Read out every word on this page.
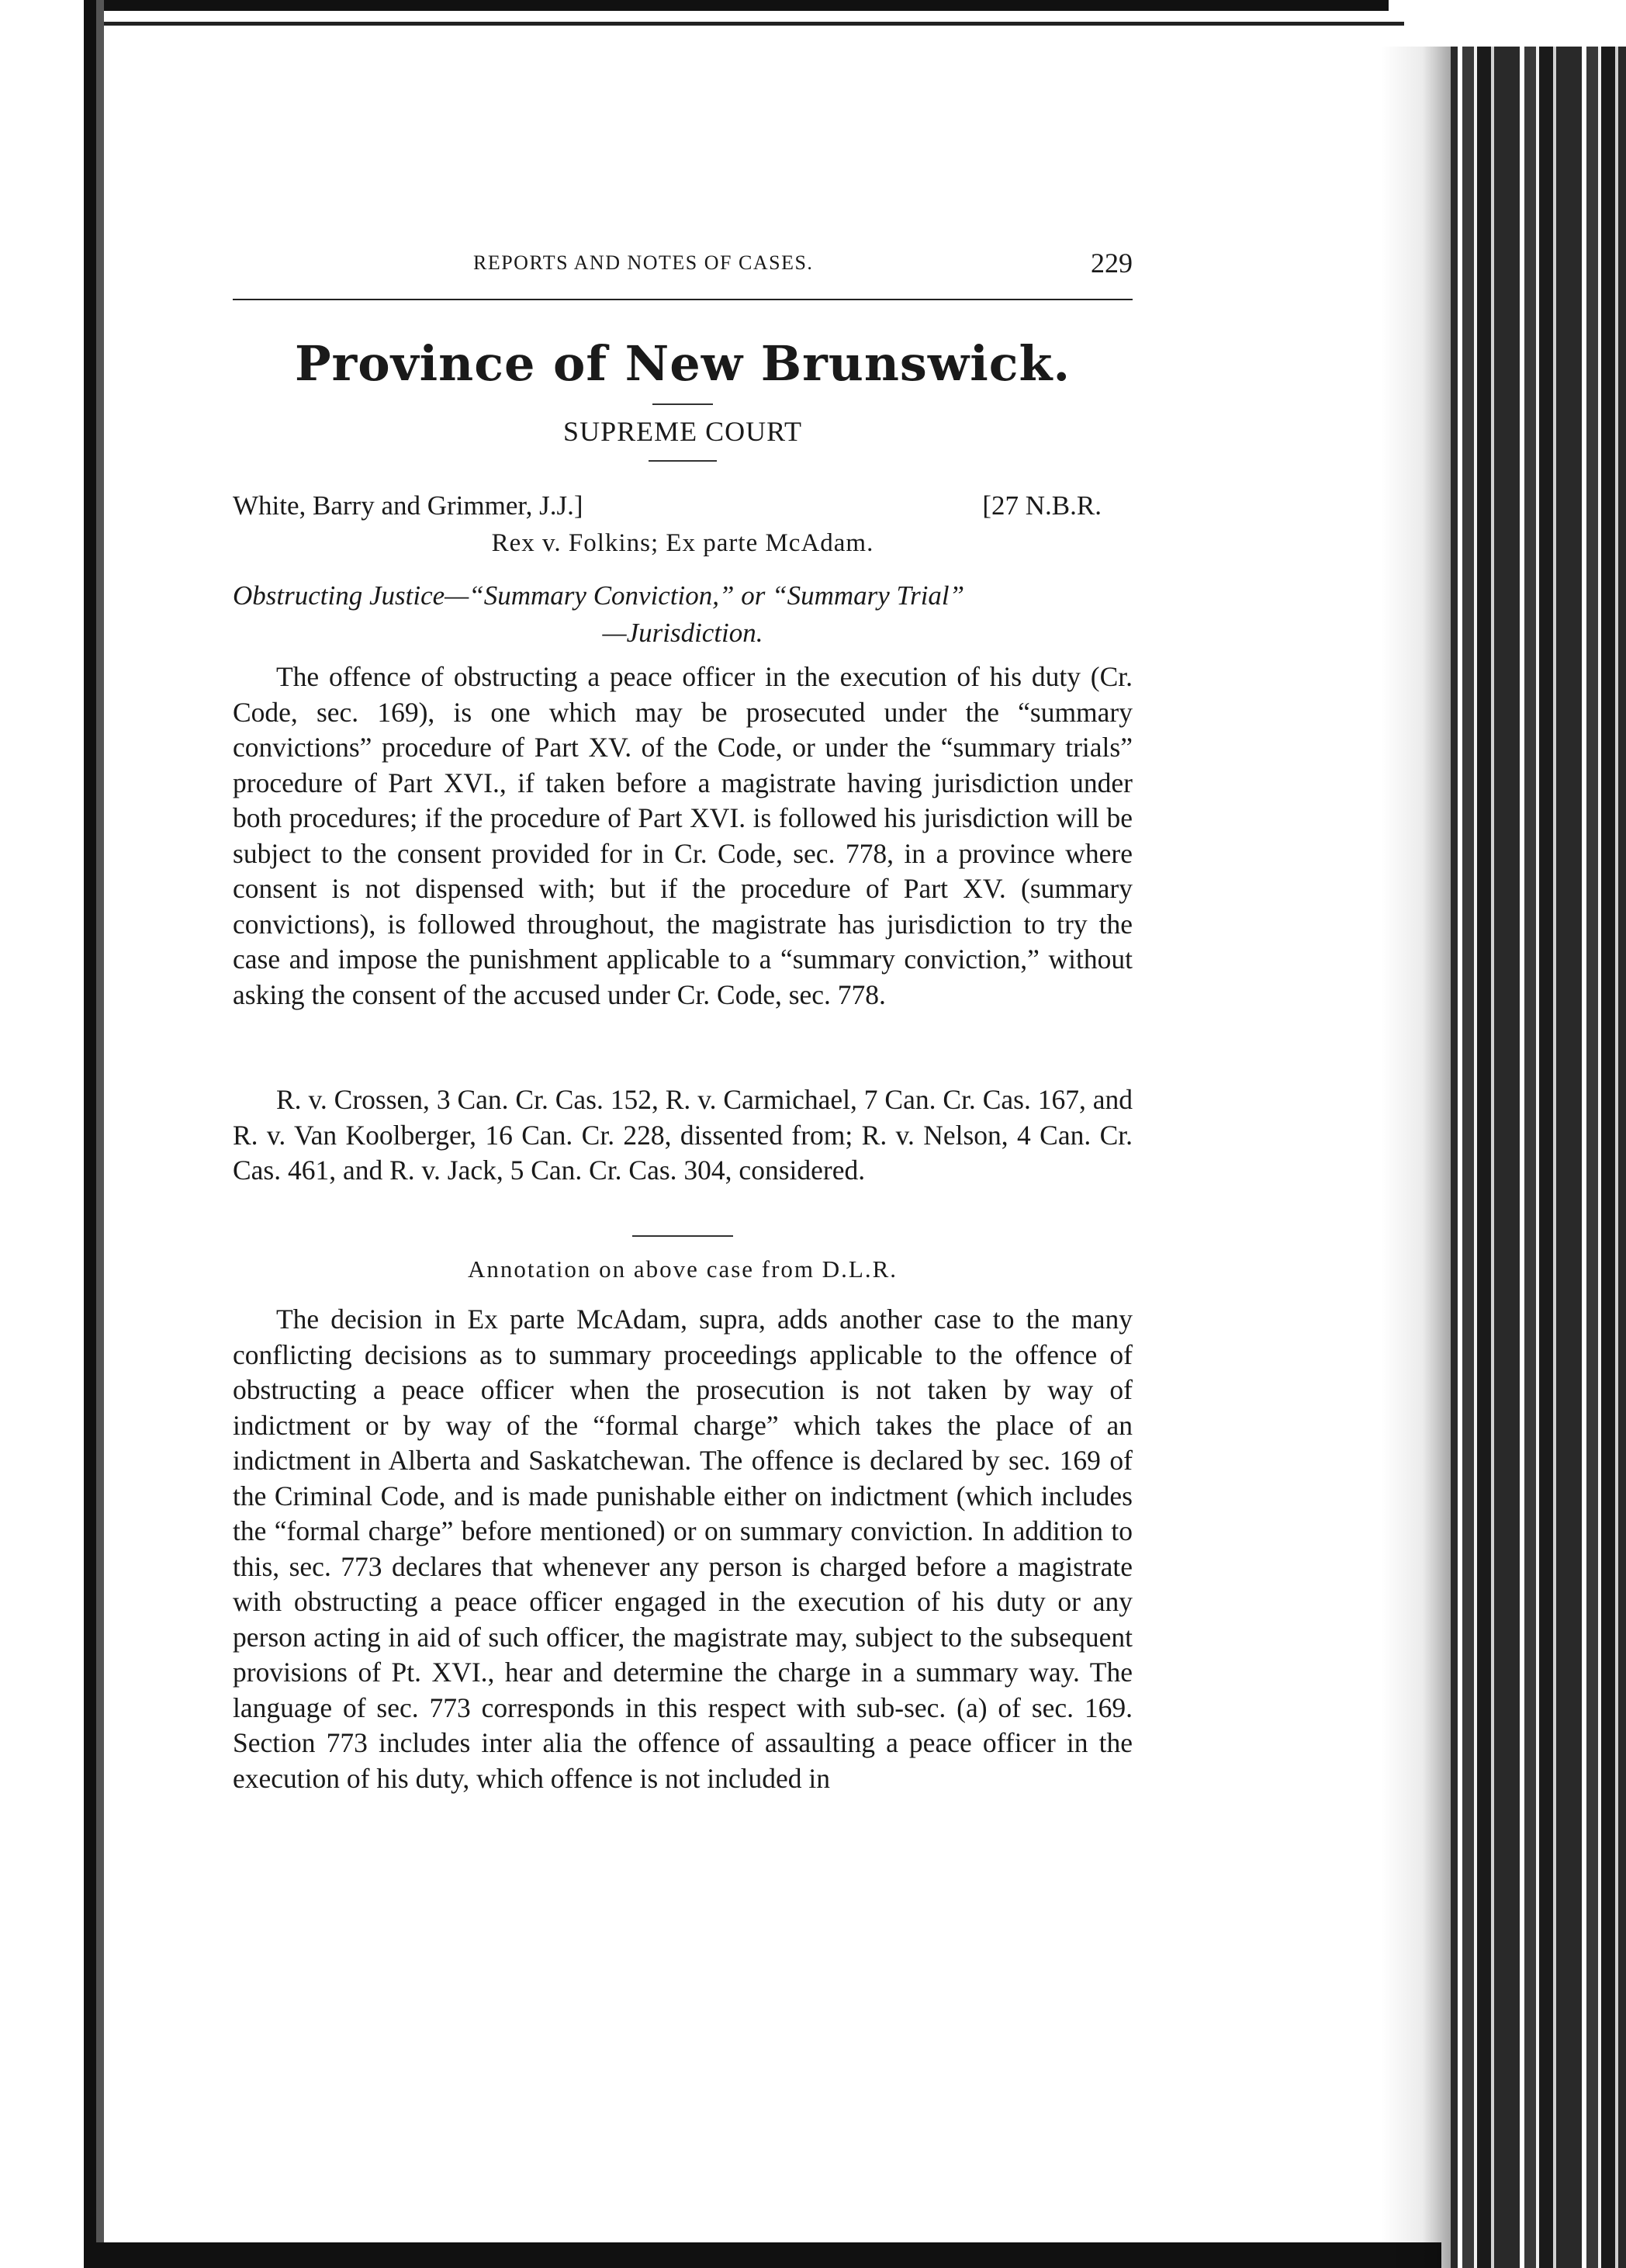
REPORTS AND NOTES OF CASES.	229
Province of New Brunswick.
SUPREME COURT
White, Barry and Grimmer, J.J.]	[27 N.B.R.
Rex v. Folkins; Ex parte McAdam.
Obstructing Justice—“Summary Conviction,” or “Summary Trial”
—Jurisdiction.

The offence of obstructing a peace officer in the execution of his duty (Cr. Code, sec. 169), is one which may be prosecuted under the “summary convictions” procedure of Part XV. of the Code, or under the “summary trials” procedure of Part XVI., if taken before a magistrate having jurisdiction under both procedures; if the procedure of Part XVI. is followed his jurisdiction will be subject to the consent provided for in Cr. Code, sec. 778, in a province where consent is not dispensed with; but if the procedure of Part XV. (summary convictions), is followed throughout, the magistrate has jurisdiction to try the case and impose the punishment applicable to a “summary conviction,” without asking the consent of the accused under Cr. Code, sec. 778.

R. v. Crossen, 3 Can. Cr. Cas. 152, R. v. Carmichael, 7 Can. Cr. Cas. 167, and R. v. Van Koolberger, 16 Can. Cr. 228, dissented from; R. v. Nelson, 4 Can. Cr. Cas. 461, and R. v. Jack, 5 Can. Cr. Cas. 304, considered.

Annotation on above case from D.L.R.

The decision in Ex parte McAdam, supra, adds another case to the many conflicting decisions as to summary proceedings applicable to the offence of obstructing a peace officer when the prosecution is not taken by way of indictment or by way of the “formal charge” which takes the place of an indictment in Alberta and Saskatchewan. The offence is declared by sec. 169 of the Criminal Code, and is made punishable either on indictment (which includes the “formal charge” before mentioned) or on summary conviction. In addition to this, sec. 773 declares that whenever any person is charged before a magistrate with obstructing a peace officer engaged in the execution of his duty or any person acting in aid of such officer, the magistrate may, subject to the subsequent provisions of Pt. XVI., hear and determine the charge in a summary way. The language of sec. 773 corresponds in this respect with sub-sec. (a) of sec. 169. Section 773 includes inter alia the offence of assaulting a peace officer in the execution of his duty, which offence is not included in
